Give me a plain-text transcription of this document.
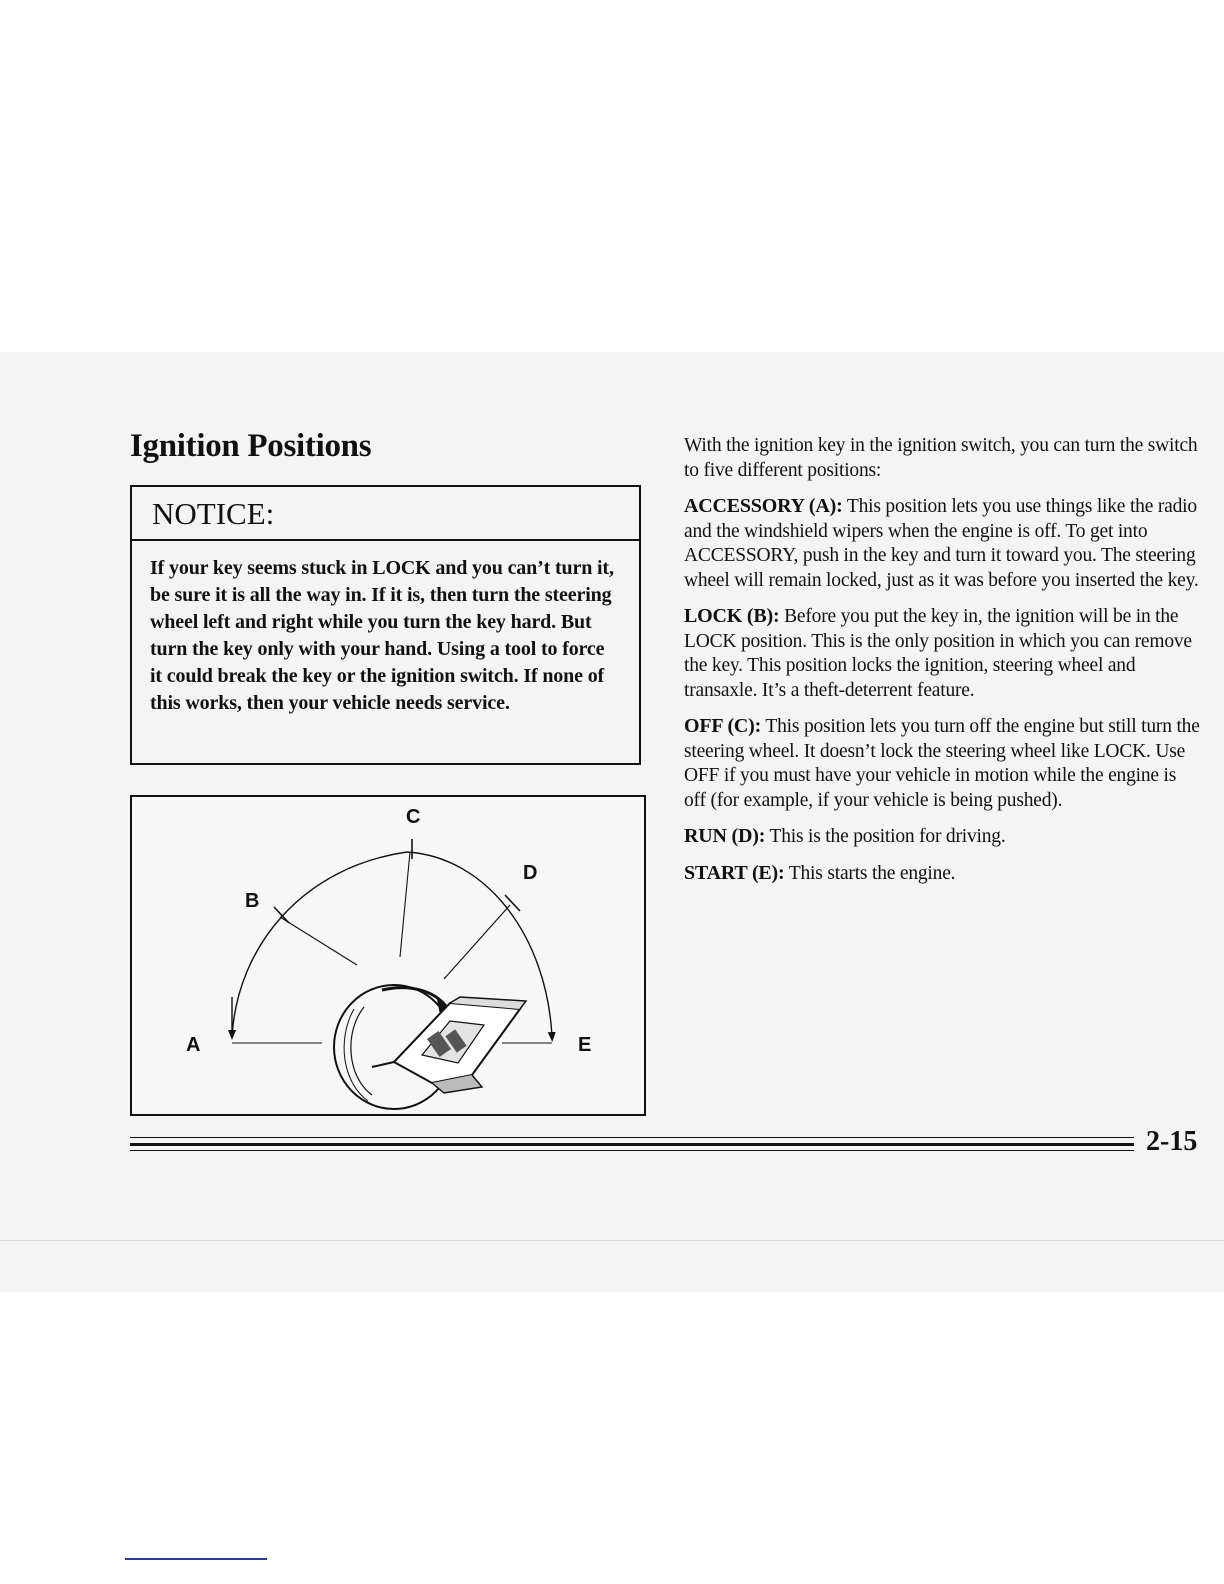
Ignition Positions
NOTICE:
If your key seems stuck in LOCK and you can’t turn it, be sure it is all the way in. If it is, then turn the steering wheel left and right while you turn the key hard. But turn the key only with your hand. Using a tool to force it could break the key or the ignition switch. If none of this works, then your vehicle needs service.
A
B
C
D
E

With the ignition key in the ignition switch, you can turn the switch to five different positions:

ACCESSORY (A): This position lets you use things like the radio and the windshield wipers when the engine is off. To get into ACCESSORY, push in the key and turn it toward you. The steering wheel will remain locked, just as it was before you inserted the key.

LOCK (B): Before you put the key in, the ignition will be in the LOCK position. This is the only position in which you can remove the key. This position locks the ignition, steering wheel and transaxle. It’s a theft-deterrent feature.

OFF (C): This position lets you turn off the engine but still turn the steering wheel. It doesn’t lock the steering wheel like LOCK. Use OFF if you must have your vehicle in motion while the engine is off (for example, if your vehicle is being pushed).

RUN (D): This is the position for driving.

START (E): This starts the engine.

2-15
